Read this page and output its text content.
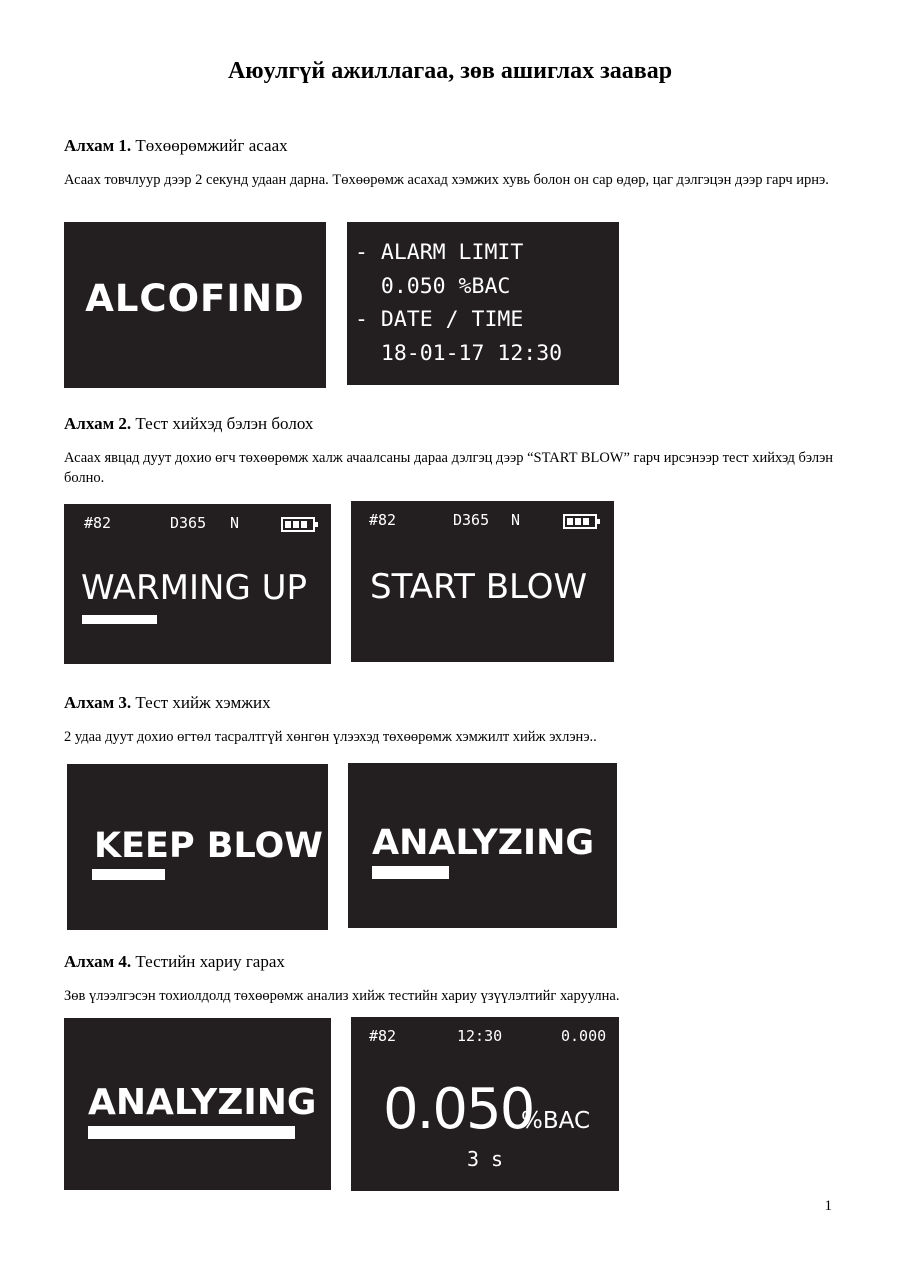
Аюулгүй ажиллагаа, зөв ашиглах заавар
Алхам 1. Төхөөрөмжийг асаах
Асаах товчлуур дээр 2 секунд удаан дарна. Төхөөрөмж асахад хэмжих хувь болон он сар өдөр, цаг дэлгэцэн дээр гарч ирнэ.
ALCOFIND
- ALARM LIMIT
0.050 %BAC
- DATE / TIME
18-01-17 12:30
Алхам 2. Тест хийхэд бэлэн болох
Асаах явцад дуут дохио өгч төхөөрөмж халж ачаалсаны дараа дэлгэц дээр “START BLOW” гарч ирсэнээр тест хийхэд бэлэн болно.
#82	D365 N
WARMING UP
#82	D365 N
START BLOW
Алхам 3. Тест хийж хэмжих
2 удаа дуут дохио өгтөл тасралтгүй хөнгөн үлээхэд төхөөрөмж хэмжилт хийж эхлэнэ..
KEEP BLOW ANALYZING
Алхам 4. Тестийн хариу гарах
Зөв үлээлгэсэн тохиолдолд төхөөрөмж анализ хийж тестийн хариу үзүүлэлтийг харуулна.
ANALYZING
#82	12:30	0.000
0.050
%BAC
3 s
1
